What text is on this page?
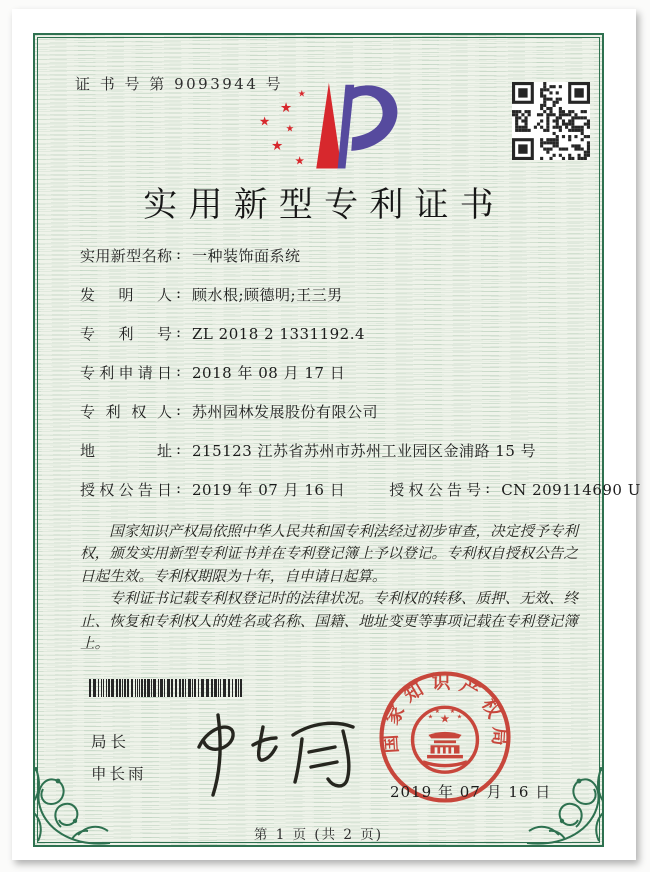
证 书 号 第 9093944 号
★
★
★
★
★
★
实用新型专利证书
实 用 新 型 名 称
: 一种装饰面系统
发 明 人
: 顾水根;顾德明;王三男
专 利 号
: ZL 2018 2 1331192.4
专 利 申 请 日
: 2018 年 08 月 17 日
专 利 权 人
: 苏州园林发展股份有限公司
地	址
: 215123 江苏省苏州市苏州工业园区金浦路 15 号
授 权 公 告 日
: 2019 年 07 月 16 日	授 权 公 告 号
: CN 209114690 U

国家知识产权局依照中华人民共和国专利法经过初步审查，决定授予专利权，颁发实用新型专利证书并在专利登记簿上予以登记。专利权自授权公告之日起生效。专利权期限为十年，自申请日起算。

专利证书记载专利权登记时的法律状况。专利权的转移、质押、无效、终止、恢复和专利权人的姓名或名称、国籍、地址变更等事项记载在专利登记簿上。

局长
申长雨
国家知识产权局
★
★
★ ★
★
2019 年 07 月 16 日
第 1 页 (共 2 页)
